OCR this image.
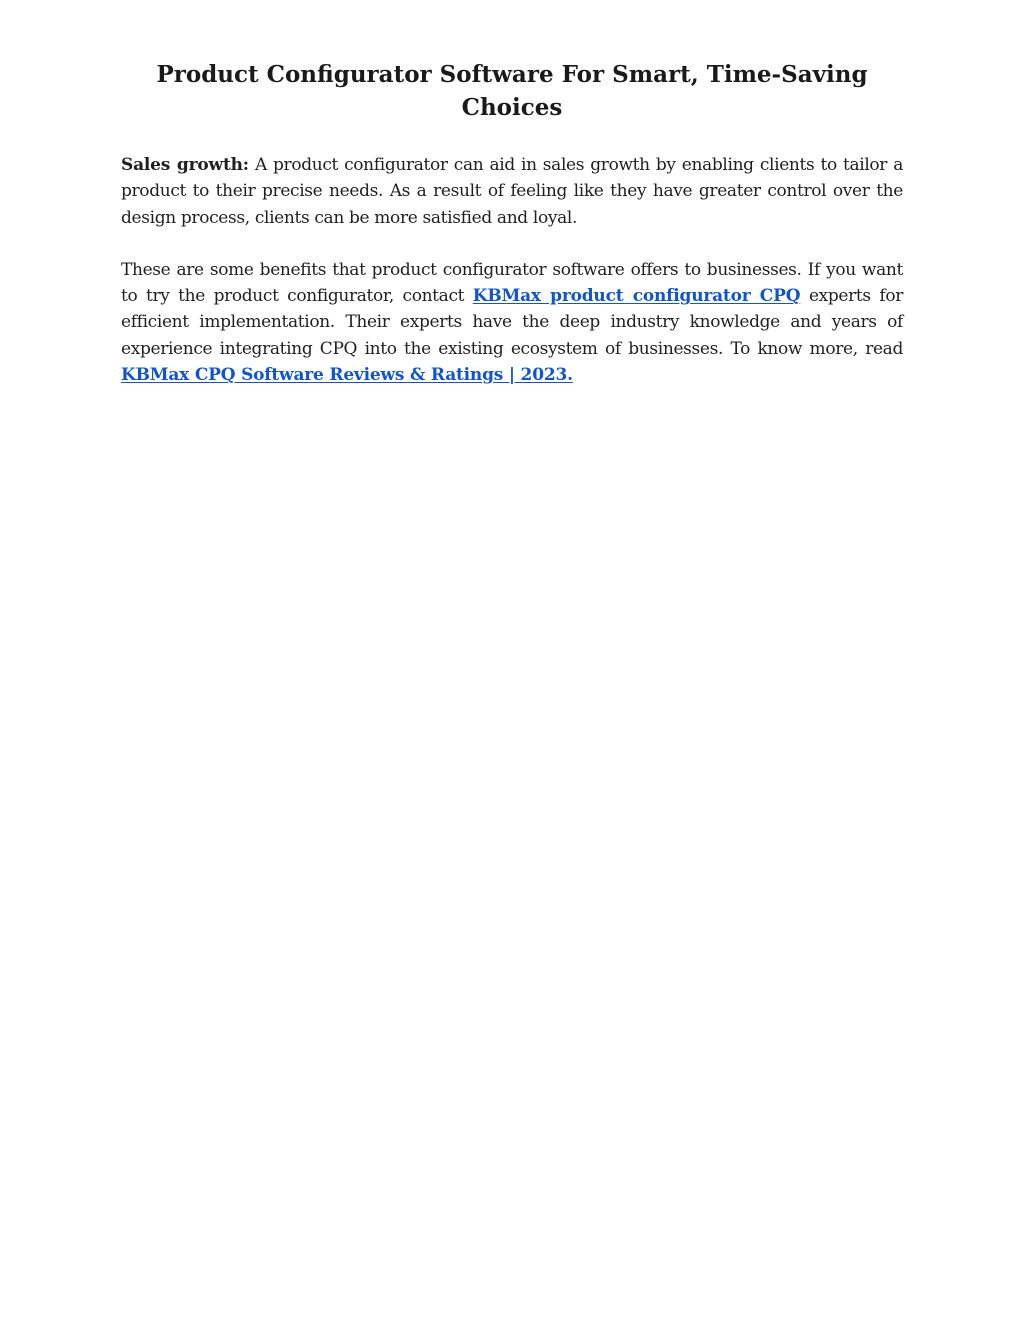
Product Configurator Software For Smart, Time-Saving Choices

Sales growth: A product configurator can aid in sales growth by enabling clients to tailor a product to their precise needs. As a result of feeling like they have greater control over the design process, clients can be more satisfied and loyal.

These are some benefits that product configurator software offers to businesses. If you want to try the product configurator, contact KBMax product configurator CPQ experts for efficient implementation. Their experts have the deep industry knowledge and years of experience integrating CPQ into the existing ecosystem of businesses. To know more, read KBMax CPQ Software Reviews & Ratings | 2023.
